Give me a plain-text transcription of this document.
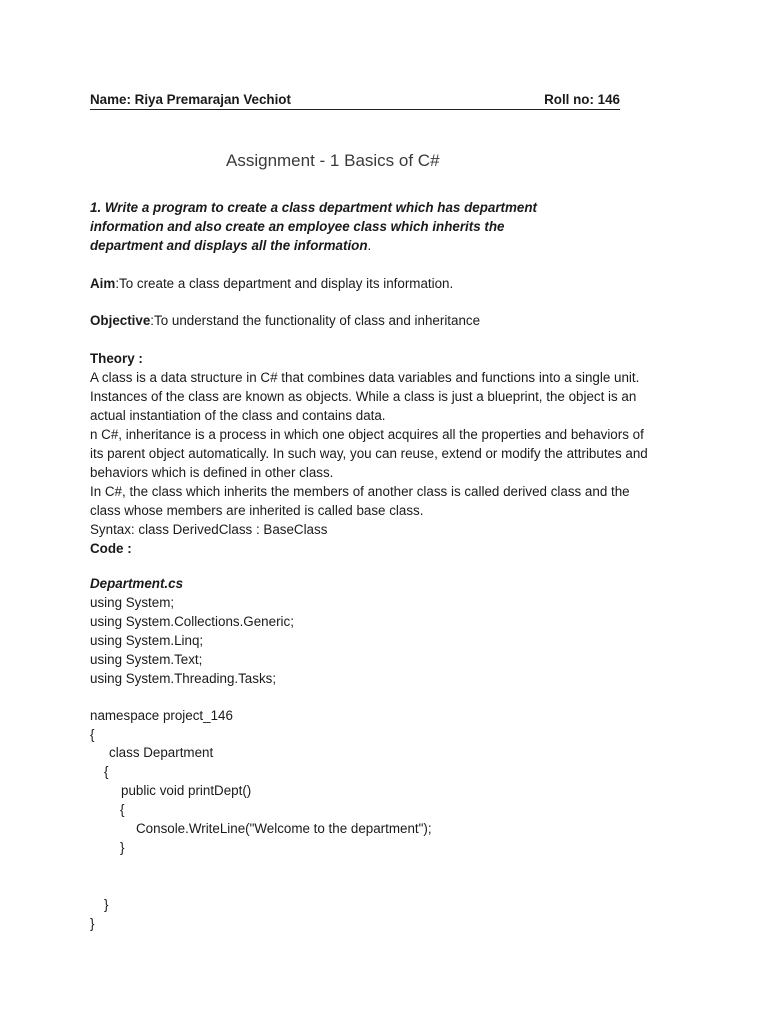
Name: Riya Premarajan Vechiot	Roll no: 146
Assignment - 1 Basics of C#
1. Write a program to create a class department which has department
information and also create an employee class which inherits the
department and displays all the information.
Aim:To create a class department and display its information.
Objective:To understand the functionality of class and inheritance
Theory :
A class is a data structure in C# that combines data variables and functions into a single unit.
Instances of the class are known as objects. While a class is just a blueprint, the object is an
actual instantiation of the class and contains data.
n C#, inheritance is a process in which one object acquires all the properties and behaviors of
its parent object automatically. In such way, you can reuse, extend or modify the attributes and
behaviors which is defined in other class.
In C#, the class which inherits the members of another class is called derived class and the
class whose members are inherited is called base class.
Syntax: class DerivedClass : BaseClass
Code :
Department.cs
using System;
using System.Collections.Generic;
using System.Linq;
using System.Text;
using System.Threading.Tasks;
namespace project_146
{
class Department
{
public void printDept()
{
Console.WriteLine("Welcome to the department");
}
}
}
